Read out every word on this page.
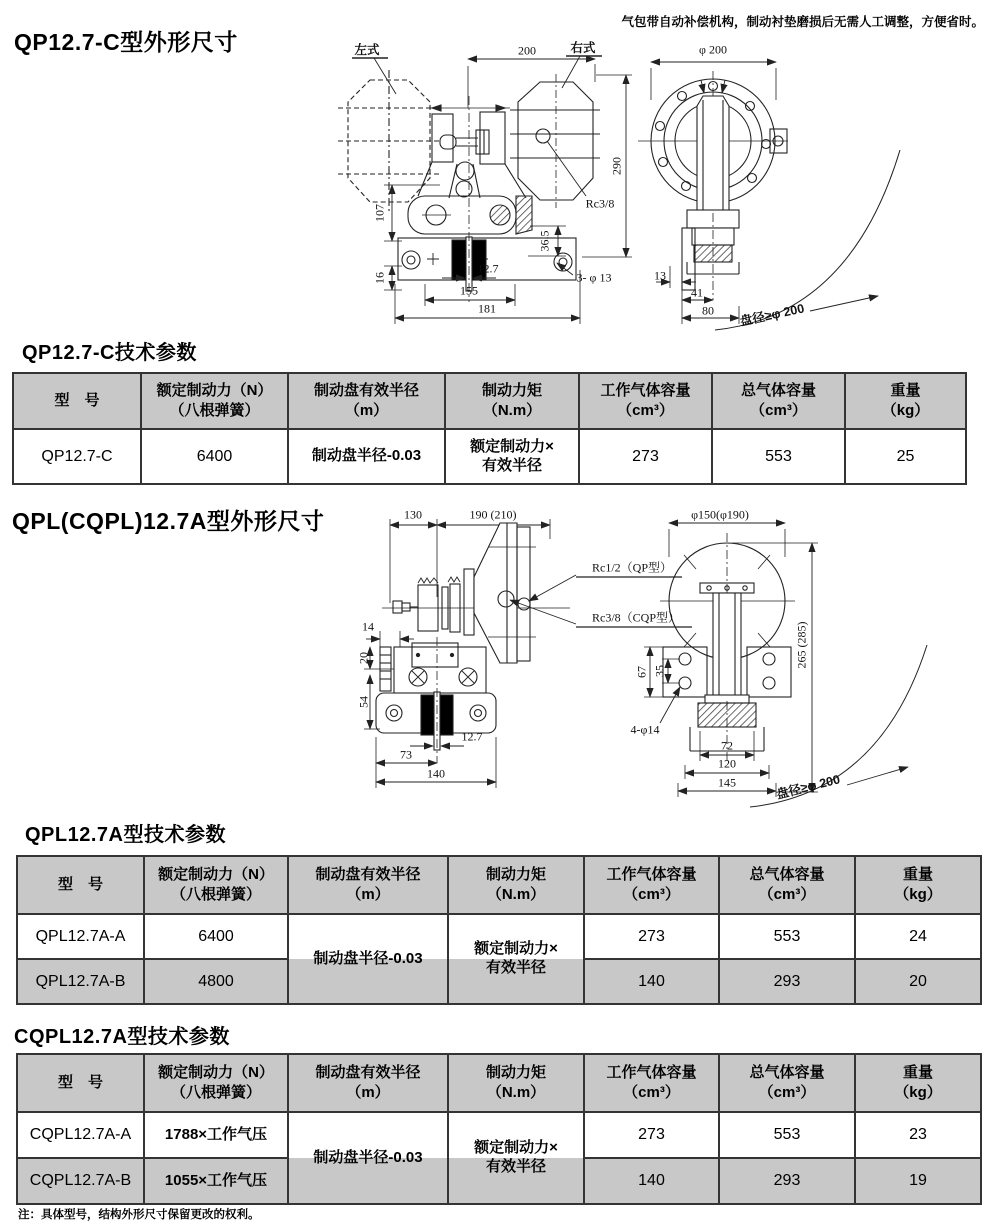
气包带自动补偿机构，制动衬垫磨损后无需人工调整，方便省时。
QP12.7-C型外形尺寸
QP12.7-C技术参数
QPL(CQPL)12.7A型外形尺寸
QPL12.7A型技术参数
CQPL12.7A型技术参数
左式	右式
200
290
Rc3/8
107
36.5
16
12.7
155
181
3- φ 13
φ 200
13
41
80 盘径≥φ 200
130	190 (210)
Rc1/2（QP型）
Rc3/8（CQP型）
14
20
54
12.7
73
140
φ150(φ190)
265 (285)
67 35
4-φ14
72
120
145	盘径≥φ 200
型　号

额定制动力（N）
（八根弹簧）

制动盘有效半径
（m）

制动力矩
（N.m）

工作气体容量
（cm³）

总气体容量
（cm³）

重量
（kg）

QP12.7-C	6400	制动盘半径-0.03	额定制动力×
有效半径	273	553	25
型　号

额定制动力（N）
（八根弹簧）

制动盘有效半径
（m）

制动力矩
（N.m）

工作气体容量
（cm³）

总气体容量
（cm³）

重量
（kg）

QPL12.7A-A	6400	制动盘半径-0.03	额定制动力×
有效半径	273	553	24
QPL12.7A-B	4800			140	293	20
型　号

额定制动力（N）
（八根弹簧）

制动盘有效半径
（m）

制动力矩
（N.m）

工作气体容量
（cm³）

总气体容量
（cm³）

重量
（kg）

CQPL12.7A-A	1788×工作气压	制动盘半径-0.03	额定制动力×
有效半径	273	553	23
CQPL12.7A-B	1055×工作气压			140	293	19
注：具体型号，结构外形尺寸保留更改的权利。
